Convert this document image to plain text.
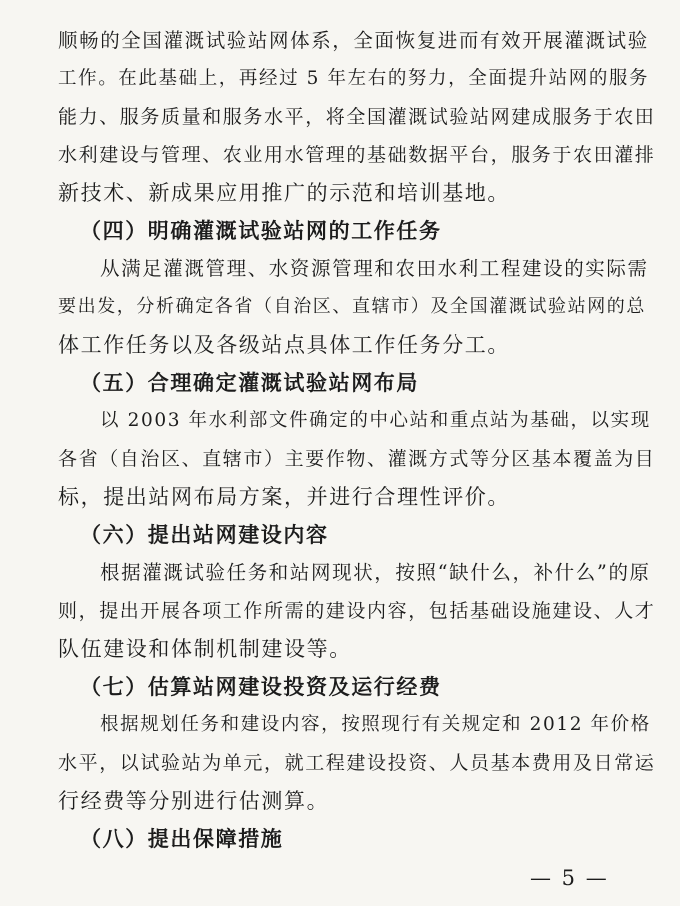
顺畅的全国灌溉试验站网体系，全面恢复进而有效开展灌溉试验
工作。在此基础上，再经过 5 年左右的努力，全面提升站网的服务
能力、服务质量和服务水平，将全国灌溉试验站网建成服务于农田
水利建设与管理、农业用水管理的基础数据平台，服务于农田灌排
新技术、新成果应用推广的示范和培训基地。
（四）明确灌溉试验站网的工作任务
从满足灌溉管理、水资源管理和农田水利工程建设的实际需
要出发，分析确定各省（自治区、直辖市）及全国灌溉试验站网的总
体工作任务以及各级站点具体工作任务分工。
（五）合理确定灌溉试验站网布局
以 2003 年水利部文件确定的中心站和重点站为基础，以实现
各省（自治区、直辖市）主要作物、灌溉方式等分区基本覆盖为目
标，提出站网布局方案，并进行合理性评价。
（六）提出站网建设内容
根据灌溉试验任务和站网现状，按照“缺什么，补什么”的原
则，提出开展各项工作所需的建设内容，包括基础设施建设、人才
队伍建设和体制机制建设等。
（七）估算站网建设投资及运行经费
根据规划任务和建设内容，按照现行有关规定和 2012 年价格
水平，以试验站为单元，就工程建设投资、人员基本费用及日常运
行经费等分别进行估测算。
（八）提出保障措施
— 5 —
